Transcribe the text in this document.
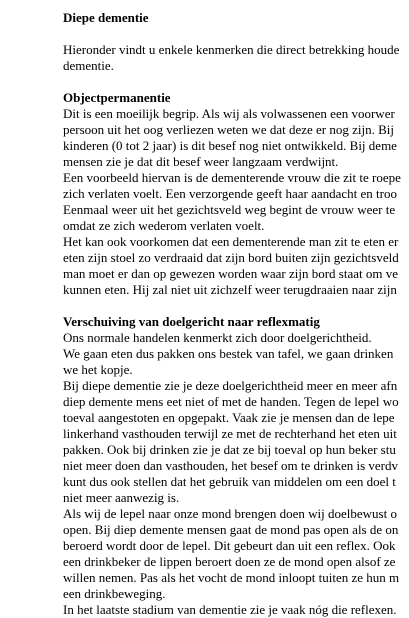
Diepe dementie
Hieronder vindt u enkele kenmerken die direct betrekking houde
dementie.
Objectpermanentie
Dit is een moeilijk begrip. Als wij als volwassenen een voorwer
persoon uit het oog verliezen weten we dat deze er nog zijn. Bij
kinderen (0 tot 2 jaar) is dit besef nog niet ontwikkeld. Bij deme
mensen zie je dat dit besef weer langzaam verdwijnt.
Een voorbeeld hiervan is de dementerende vrouw die zit te roepe
zich verlaten voelt. Een verzorgende geeft haar aandacht en troo
Eenmaal weer uit het gezichtsveld weg begint de vrouw weer te
omdat ze zich wederom verlaten voelt.
Het kan ook voorkomen dat een dementerende man zit te eten er
eten zijn stoel zo verdraaid dat zijn bord buiten zijn gezichtsveld
man moet er dan op gewezen worden waar zijn bord staat om ve
kunnen eten. Hij zal niet uit zichzelf weer terugdraaien naar zijn
Verschuiving van doelgericht naar reflexmatig
Ons normale handelen kenmerkt zich door doelgerichtheid.
We gaan eten dus pakken ons bestek van tafel, we gaan drinken
we het kopje.
Bij diepe dementie zie je deze doelgerichtheid meer en meer afn
diep demente mens eet niet of met de handen. Tegen de lepel wo
toeval aangestoten en opgepakt. Vaak zie je mensen dan de lepe
linkerhand vasthouden terwijl ze met de rechterhand het eten uit
pakken. Ook bij drinken zie je dat ze bij toeval op hun beker stu
niet meer doen dan vasthouden, het besef om te drinken is verdv
kunt dus ook stellen dat het gebruik van middelen om een doel t
niet meer aanwezig is.
Als wij de lepel naar onze mond brengen doen wij doelbewust o
open. Bij diep demente mensen gaat de mond pas open als de on
beroerd wordt door de lepel. Dit gebeurt dan uit een reflex. Ook
een drinkbeker de lippen beroert doen ze de mond open alsof ze
willen nemen. Pas als het vocht de mond inloopt tuiten ze hun m
een drinkbeweging.
In het laatste stadium van dementie zie je vaak nóg die reflexen.
